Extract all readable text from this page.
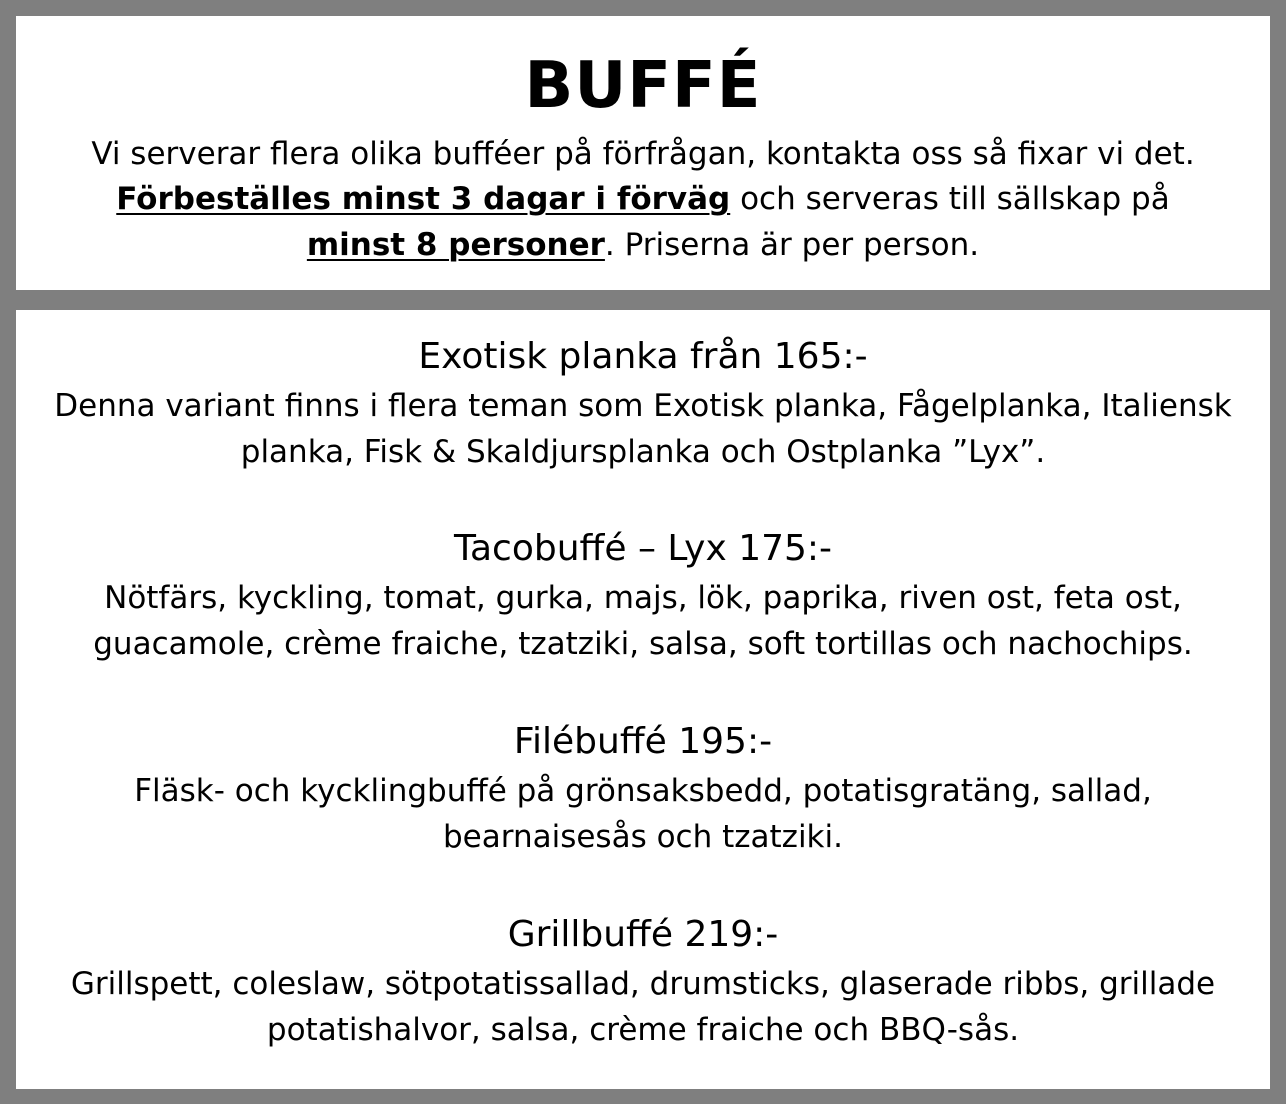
BUFFÉ
Vi serverar flera olika bufféer på förfrågan, kontakta oss så fixar vi det.
Förbeställes minst 3 dagar i förväg och serveras till sällskap på
minst 8 personer. Priserna är per person.
Exotisk planka från 165:-
Denna variant finns i flera teman som Exotisk planka, Fågelplanka, Italiensk
planka, Fisk & Skaldjursplanka och Ostplanka ”Lyx”.
Tacobuffé – Lyx 175:-
Nötfärs, kyckling, tomat, gurka, majs, lök, paprika, riven ost, feta ost,
guacamole, crème fraiche, tzatziki, salsa, soft tortillas och nachochips.
Filébuffé 195:-
Fläsk- och kycklingbuffé på grönsaksbedd, potatisgratäng, sallad,
bearnaisesås och tzatziki.
Grillbuffé 219:-
Grillspett, coleslaw, sötpotatissallad, drumsticks, glaserade ribbs, grillade
potatishalvor, salsa, crème fraiche och BBQ-sås.
